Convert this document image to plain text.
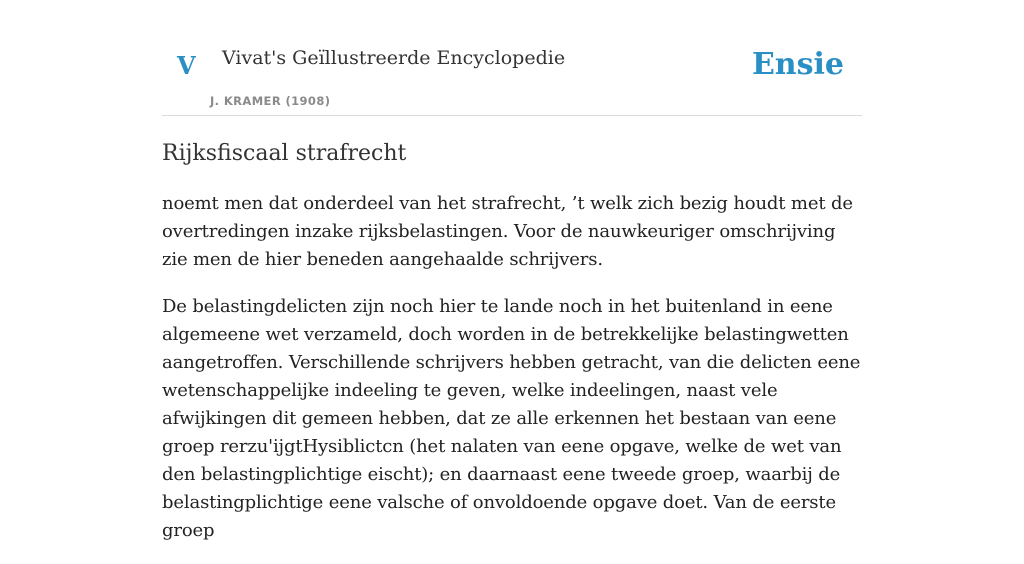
V Vivat's Geïllustreerde Encyclopedie
J. KRAMER (1908)
Ensie
Rijksfiscaal strafrecht

noemt men dat onderdeel van het strafrecht, ’t welk zich bezig houdt met de overtredingen inzake rijksbelastingen. Voor de nauwkeuriger omschrijving zie men de hier beneden aangehaalde schrijvers.

De belastingdelicten zijn noch hier te lande noch in het buitenland in eene algemeene wet verzameld, doch worden in de betrekkelijke belastingwetten aangetroffen. Verschillende schrijvers hebben getracht, van die delicten eene wetenschappelijke indeeling te geven, welke indeelingen, naast vele afwijkingen dit gemeen hebben, dat ze alle erkennen het bestaan van eene groep rerzu'ijgtHysiblictcn (het nalaten van eene opgave, welke de wet van den belastingplichtige eischt); en daarnaast eene tweede groep, waarbij de belastingplichtige eene valsche of onvoldoende opgave doet. Van de eerste groep
